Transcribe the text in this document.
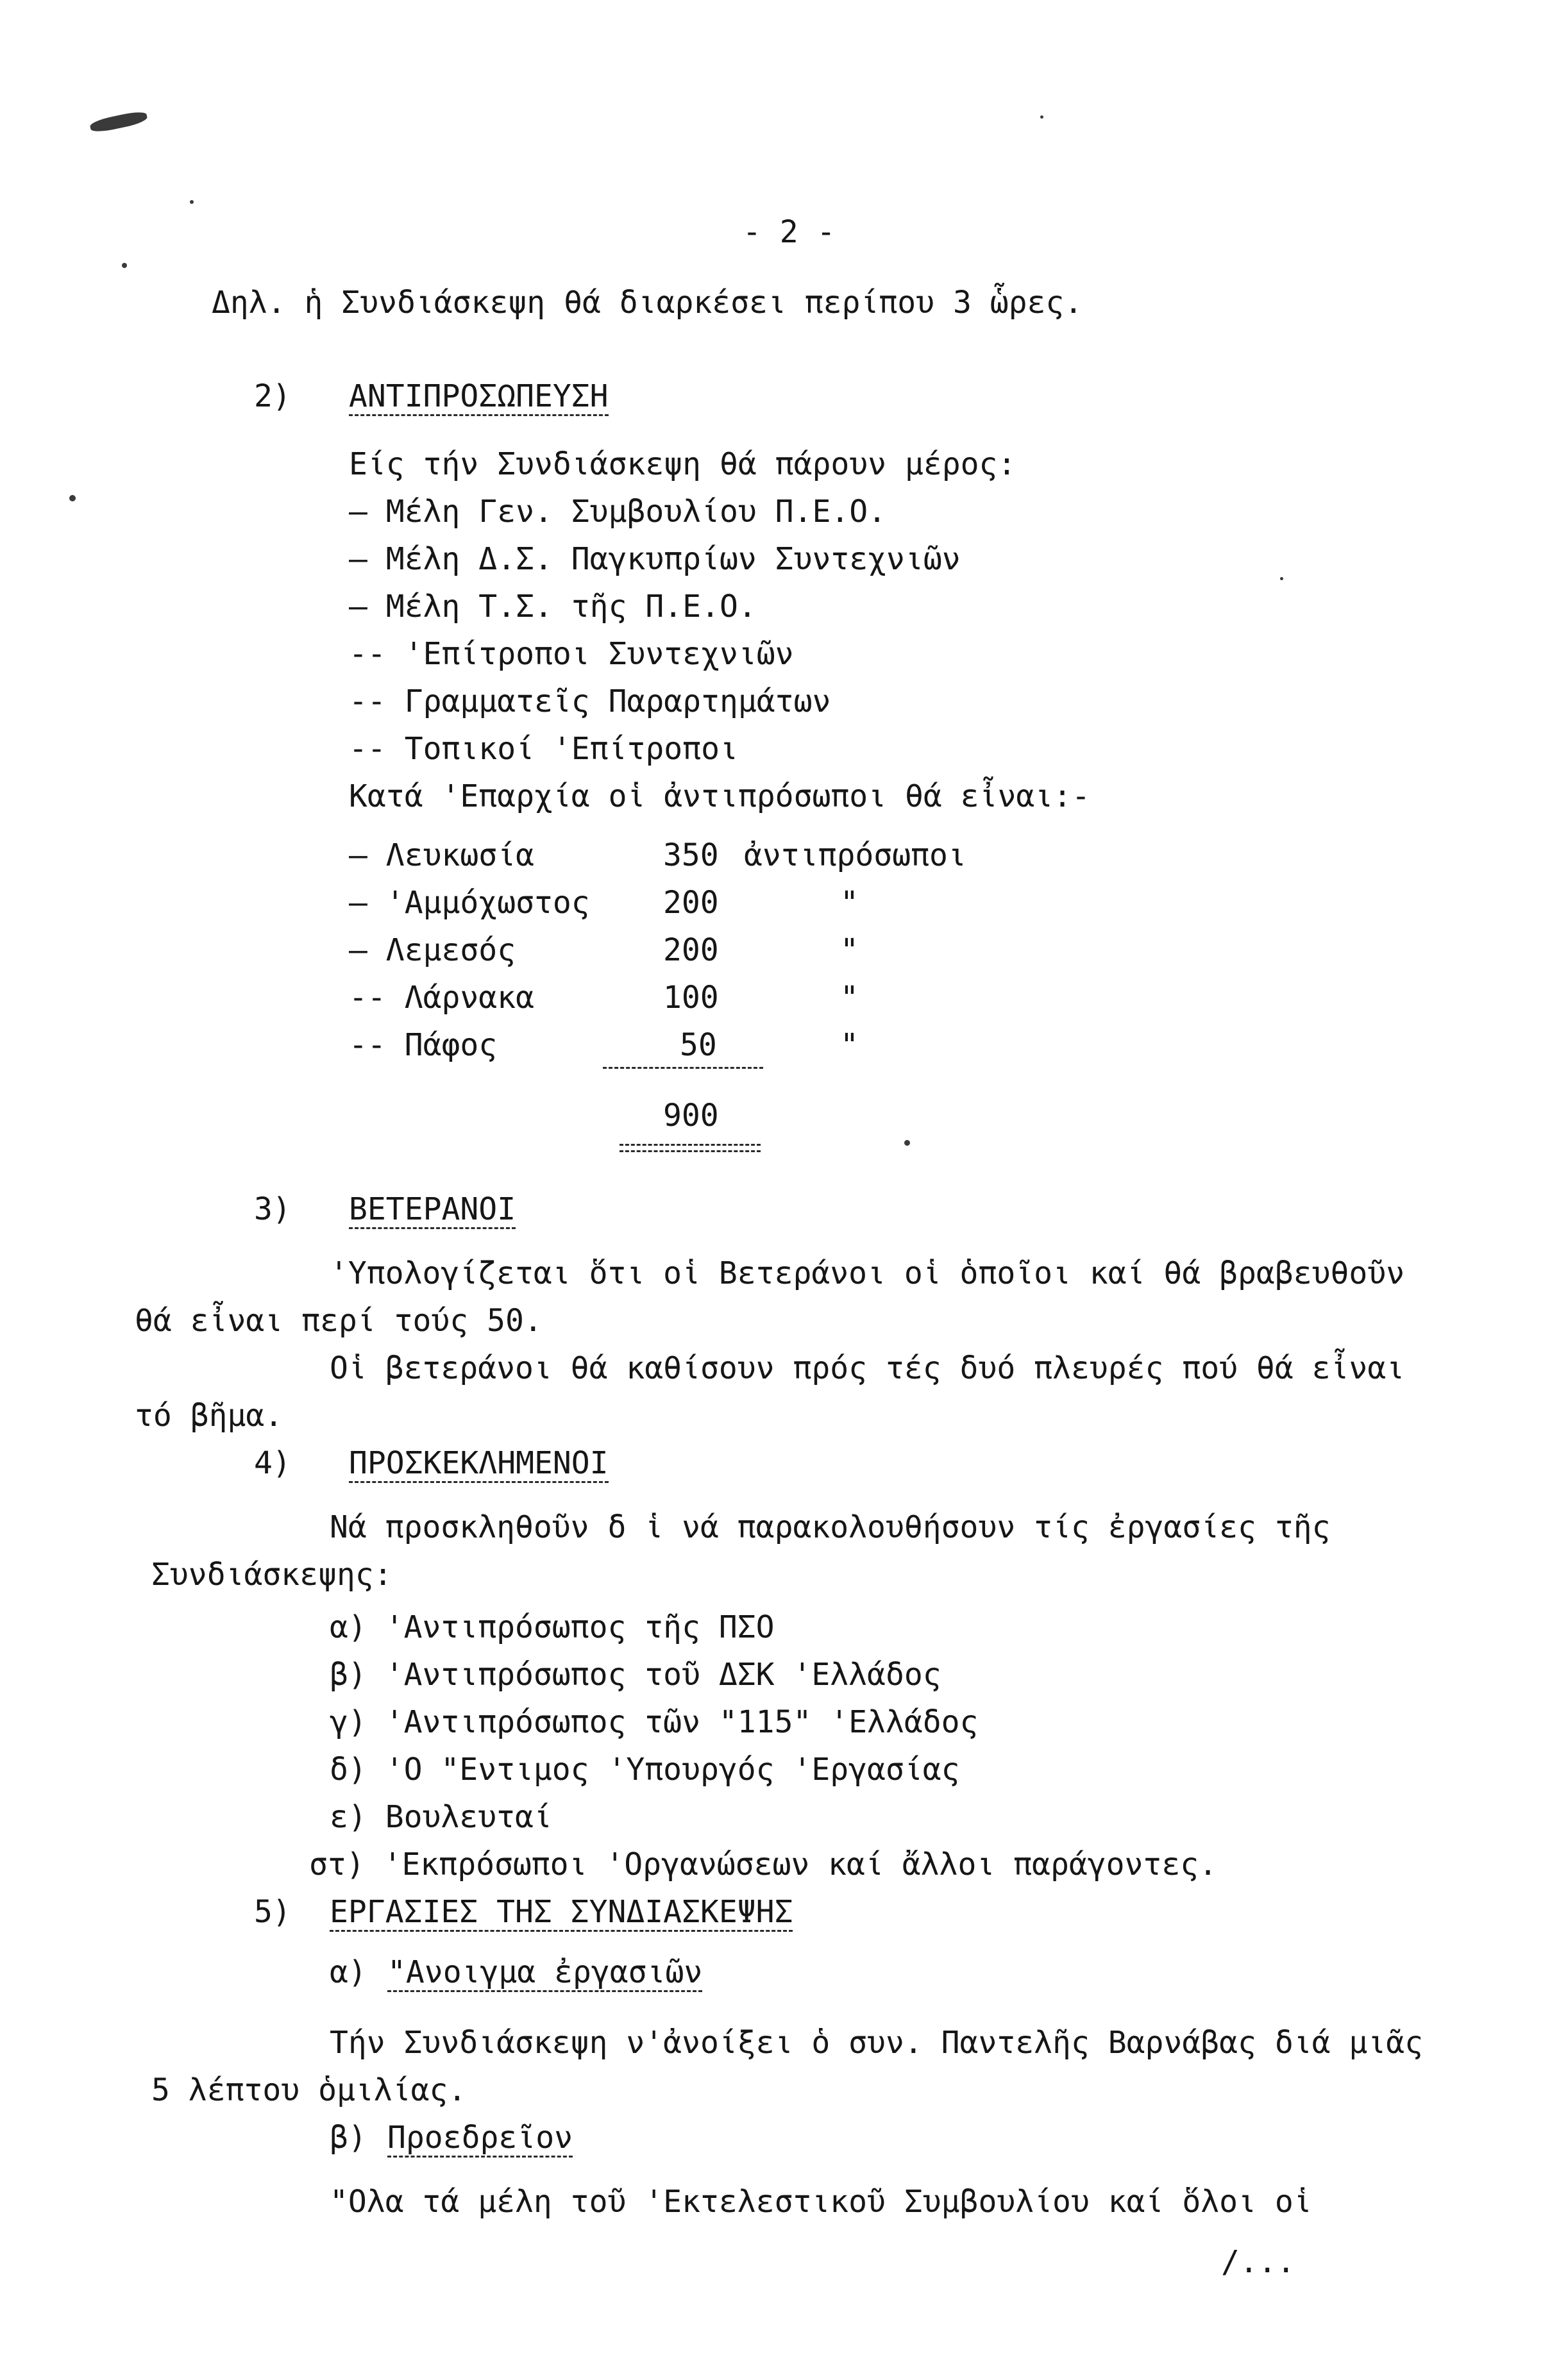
- 2 -
Δηλ. ἡ Συνδιάσκεψη θά διαρκέσει περίπου 3 ὧρες.
2) ΑΝΤΙΠΡΟΣΩΠΕΥΣΗ
Είς τήν Συνδιάσκεψη θά πάρουν μέρος:
— Μέλη Γεν. Συμβουλίου Π.Ε.Ο.
— Μέλη Δ.Σ. Παγκυπρίων Συντεχνιῶν
— Μέλη Τ.Σ. τῆς Π.Ε.Ο.
-- 'Επίτροποι Συντεχνιῶν
-- Γραμματεῖς Παραρτημάτων
-- Τοπικοί 'Επίτροποι
Κατά 'Επαρχία οἱ ἀντιπρόσωποι θά εἶναι:-
— Λευκωσία	350 ἀντιπρόσωποι
— 'Αμμόχωστος 200	"
— Λεμεσός	200	"
-- Λάρνακα	100	"
-- Πάφος	50	"
900
3) ΒΕΤΕΡΑΝΟΙ
'Υπολογίζεται ὅτι οἱ Βετεράνοι οἱ ὁποῖοι καί θά βραβευθοῦν
θά εἶναι περί τούς 50.
Οἱ βετεράνοι θά καθίσουν πρός τές δυό πλευρές πού θά εἶναι
τό βῆμα.
4) ΠΡΟΣΚΕΚΛΗΜΕΝΟΙ
Νά προσκληθοῦν δ ἱ νά παρακολουθήσουν τίς ἐργασίες τῆς
Συνδιάσκεψης:
α) 'Αντιπρόσωπος τῆς ΠΣΟ
β) 'Αντιπρόσωπος τοῦ ΔΣΚ 'Ελλάδος
γ) 'Αντιπρόσωπος τῶν "115" 'Ελλάδος
δ) 'Ο "Εντιμος 'Υπουργός 'Εργασίας
ε) Βουλευταί
στ) 'Εκπρόσωποι 'Οργανώσεων καί ἄλλοι παράγοντες.
5) ΕΡΓΑΣΙΕΣ ΤΗΣ ΣΥΝΔΙΑΣΚΕΨΗΣ
α) "Ανοιγμα ἐργασιῶν
Τήν Συνδιάσκεψη ν'ἀνοίξει ὁ συν. Παντελῆς Βαρνάβας διά μιᾶς
5 λέπτου ὁμιλίας.
β) Προεδρεῖον
"Ολα τά μέλη τοῦ 'Εκτελεστικοῦ Συμβουλίου καί ὅλοι οἱ
/...
